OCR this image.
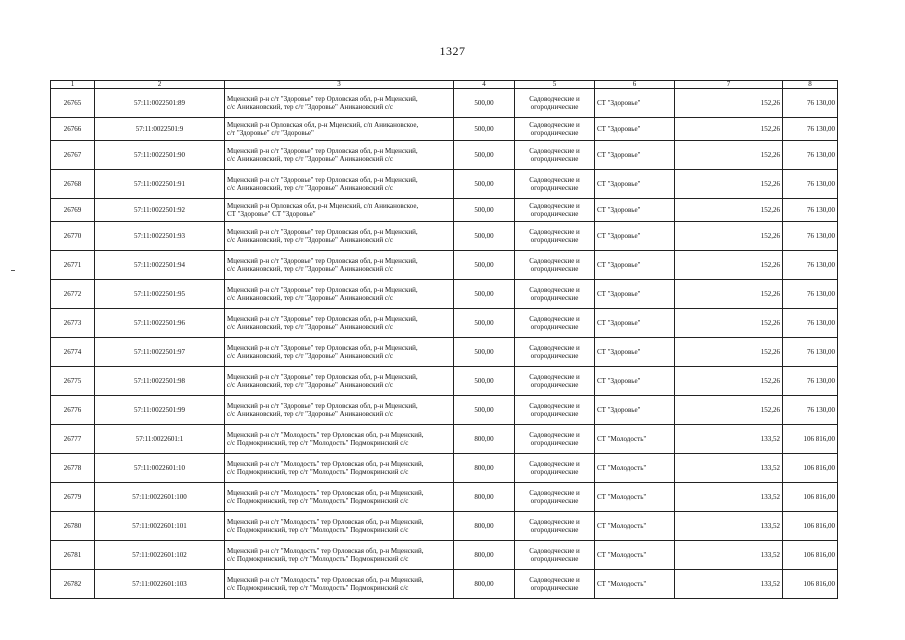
1327
1	2	3	4	5	6	7	8
26765	57:11:0022501:89	Мценский р-н с/т "Здоровье" тер Орловская обл, р-н Мценский,
с/с Аникановский, тер с/т "Здоровье" Аникановский с/с	500,00	Садоводческие и
огороднические	СТ "Здоровье"	152,26	76 130,00
26766	57:11:0022501:9	Мценский р-н Орловская обл, р-н Мценский, с/п Аникановское,
с/т "Здоровье" с/т "Здоровье"	500,00	Садоводческие и
огороднические	СТ "Здоровье"	152,26	76 130,00
26767	57:11:0022501:90	Мценский р-н с/т "Здоровье" тер Орловская обл, р-н Мценский,
с/с Аникановский, тер с/т "Здоровье" Аникановский с/с	500,00	Садоводческие и
огороднические	СТ "Здоровье"	152,26	76 130,00
26768	57:11:0022501:91	Мценский р-н с/т "Здоровье" тер Орловская обл, р-н Мценский,
с/с Аникановский, тер с/т "Здоровье" Аникановский с/с	500,00	Садоводческие и
огороднические	СТ "Здоровье"	152,26	76 130,00
26769	57:11:0022501:92	Мценский р-н Орловская обл, р-н Мценский, с/п Аникановское,
СТ "Здоровье" СТ "Здоровье"	500,00	Садоводческие и
огороднические	СТ "Здоровье"	152,26	76 130,00
26770	57:11:0022501:93	Мценский р-н с/т "Здоровье" тер Орловская обл, р-н Мценский,
с/с Аникановский, тер с/т "Здоровье" Аникановский с/с	500,00	Садоводческие и
огороднические	СТ "Здоровье"	152,26	76 130,00
26771	57:11:0022501:94	Мценский р-н с/т "Здоровье" тер Орловская обл, р-н Мценский,
с/с Аникановский, тер с/т "Здоровье" Аникановский с/с	500,00	Садоводческие и
огороднические	СТ "Здоровье"	152,26	76 130,00
26772	57:11:0022501:95	Мценский р-н с/т "Здоровье" тер Орловская обл, р-н Мценский,
с/с Аникановский, тер с/т "Здоровье" Аникановский с/с	500,00	Садоводческие и
огороднические	СТ "Здоровье"	152,26	76 130,00
26773	57:11:0022501:96	Мценский р-н с/т "Здоровье" тер Орловская обл, р-н Мценский,
с/с Аникановский, тер с/т "Здоровье" Аникановский с/с	500,00	Садоводческие и
огороднические	СТ "Здоровье"	152,26	76 130,00
26774	57:11:0022501:97	Мценский р-н с/т "Здоровье" тер Орловская обл, р-н Мценский,
с/с Аникановский, тер с/т "Здоровье" Аникановский с/с	500,00	Садоводческие и
огороднические	СТ "Здоровье"	152,26	76 130,00
26775	57:11:0022501:98	Мценский р-н с/т "Здоровье" тер Орловская обл, р-н Мценский,
с/с Аникановский, тер с/т "Здоровье" Аникановский с/с	500,00	Садоводческие и
огороднические	СТ "Здоровье"	152,26	76 130,00
26776	57:11:0022501:99	Мценский р-н с/т "Здоровье" тер Орловская обл, р-н Мценский,
с/с Аникановский, тер с/т "Здоровье" Аникановский с/с	500,00	Садоводческие и
огороднические	СТ "Здоровье"	152,26	76 130,00
26777	57:11:0022601:1	Мценский р-н с/т "Молодость" тер Орловская обл, р-н Мценский,
с/с Подмокринский, тер с/т "Молодость" Подмокринский с/с	800,00	Садоводческие и
огороднические	СТ "Молодость"	133,52	106 816,00
26778	57:11:0022601:10	Мценский р-н с/т "Молодость" тер Орловская обл, р-н Мценский,
с/с Подмокринский, тер с/т "Молодость" Подмокринский с/с	800,00	Садоводческие и
огороднические	СТ "Молодость"	133,52	106 816,00
26779	57:11:0022601:100	Мценский р-н с/т "Молодость" тер Орловская обл, р-н Мценский,
с/с Подмокринский, тер с/т "Молодость" Подмокринский с/с	800,00	Садоводческие и
огороднические	СТ "Молодость"	133,52	106 816,00
26780	57:11:0022601:101	Мценский р-н с/т "Молодость" тер Орловская обл, р-н Мценский,
с/с Подмокринский, тер с/т "Молодость" Подмокринский с/с	800,00	Садоводческие и
огороднические	СТ "Молодость"	133,52	106 816,00
26781	57:11:0022601:102	Мценский р-н с/т "Молодость" тер Орловская обл, р-н Мценский,
с/с Подмокринский, тер с/т "Молодость" Подмокринский с/с	800,00	Садоводческие и
огороднические	СТ "Молодость"	133,52	106 816,00
26782	57:11:0022601:103	Мценский р-н с/т "Молодость" тер Орловская обл, р-н Мценский,
с/с Подмокринский, тер с/т "Молодость" Подмокринский с/с	800,00	Садоводческие и
огороднические	СТ "Молодость"	133,52	106 816,00
